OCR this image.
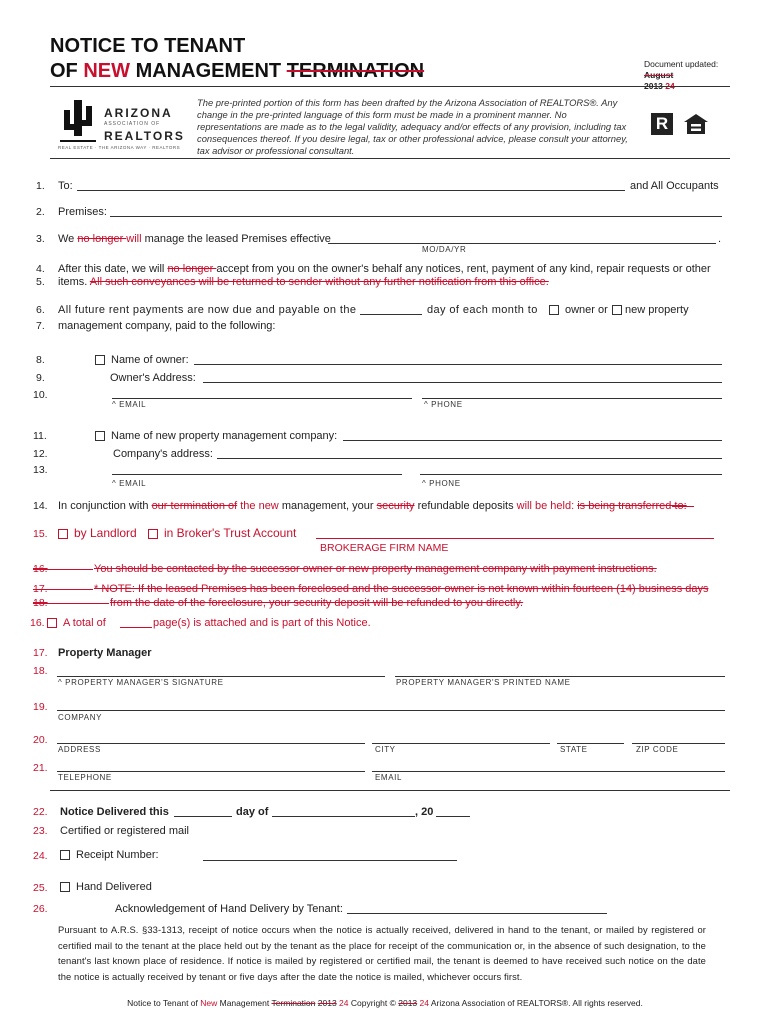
NOTICE TO TENANT
OF NEW MANAGEMENT TERMINATION	Document updated:
August
2013 24
ARIZONA
ASSOCIATION OF
REALTORS
REAL ESTATE · THE ARIZONA WAY · REALTORS
The pre-printed portion of this form has been drafted by the Arizona Association of REALTORS®. Any change in the pre-printed language of this form must be made in a prominent manner. No representations are made as to the legal validity, adequacy and/or effects of any provision, including tax consequences thereof. If you desire legal, tax or other professional advice, please consult your attorney, tax advisor or professional consultant.
R
1. To:	and All Occupants
2. Premises:
3. We no longer will manage the leased Premises effective	.
MO/DA/YR
4. After this date, we will no longer accept from you on the owner's behalf any notices, rent, payment of any kind, repair requests or other
5. items. All such conveyances will be returned to sender without any further notification from this office.
6. All future rent payments are now due and payable on the	day of each month to	owner or	new property
7. management company, paid to the following:
8.	Name of owner:
9.	Owner's Address:
10.
^ EMAIL	^ PHONE
11.	Name of new property management company:
12.	Company's address:
13.
^ EMAIL	^ PHONE
14. In conjunction with our termination of the new management, your security refundable deposits will be held: is being transferred to:
15.	by Landlord	in Broker's Trust Account
BROKERAGE FIRM NAME
16.	You should be contacted by the successor owner or new property management company with payment instructions.
17.	* NOTE: If the leased Premises has been foreclosed and the successor owner is not known within fourteen (14) business days
18.	from the date of the foreclosure, your security deposit will be refunded to you directly.
16.	A total of	page(s) is attached and is part of this Notice.
17. Property Manager
18.
^ PROPERTY MANAGER'S SIGNATURE	PROPERTY MANAGER'S PRINTED NAME
19.
COMPANY
20.
ADDRESS	CITY	STATE	ZIP CODE
21.
TELEPHONE	EMAIL
22. Notice Delivered this	day of	, 20
23. Certified or registered mail
24.	Receipt Number:
25.	Hand Delivered
26.	Acknowledgement of Hand Delivery by Tenant:
Pursuant to A.R.S. §33-1313, receipt of notice occurs when the notice is actually received, delivered in hand to the tenant, or mailed by registered or certified mail to the tenant at the place held out by the tenant as the place for receipt of the communication or, in the absence of such designation, to the tenant's last known place of residence. If notice is mailed by registered or certified mail, the tenant is deemed to have received such notice on the date the notice is actually received by tenant or five days after the date the notice is mailed, whichever occurs first.
Notice to Tenant of New Management Termination 2013 24 Copyright © 2013 24 Arizona Association of REALTORS®. All rights reserved.
